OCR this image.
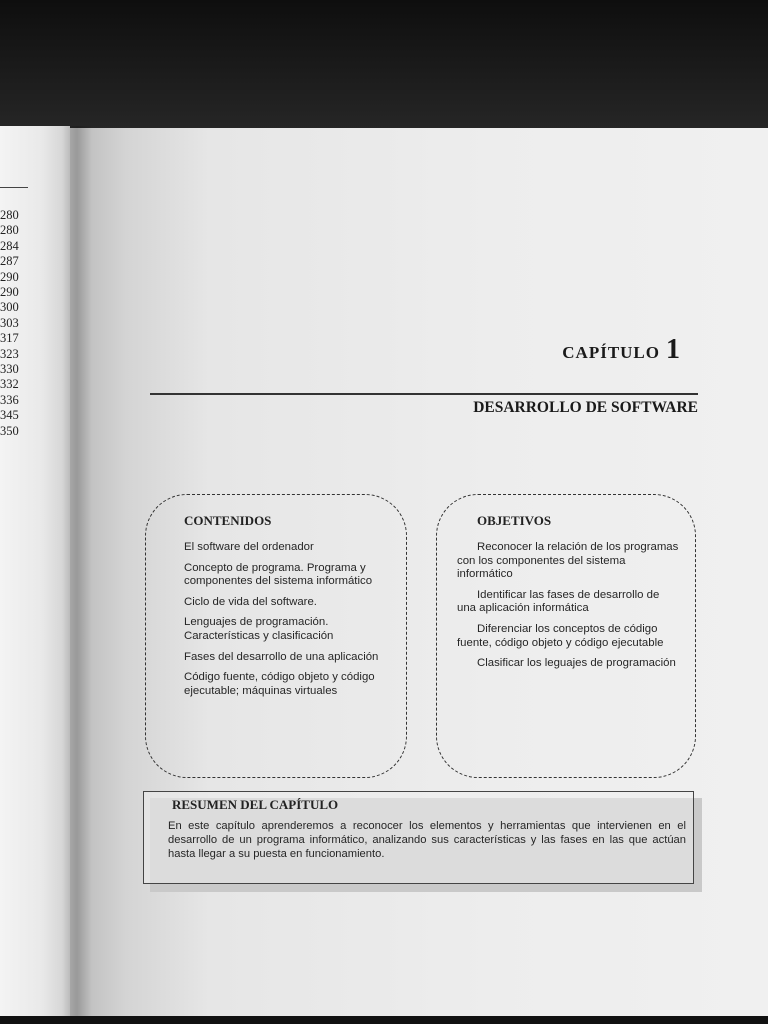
280
280
284
287
290
290
300
303
317
323
330
332
336
345
350
CAPÍTULO 1
DESARROLLO DE SOFTWARE
CONTENIDOS
El software del ordenador
Concepto de programa. Programa y componentes del sistema informático
Ciclo de vida del software.
Lenguajes de programación. Características y clasificación
Fases del desarrollo de una aplicación
Código fuente, código objeto y código ejecutable; máquinas virtuales
OBJETIVOS
Reconocer la relación de los programas con los componentes del sistema informático
Identificar las fases de desarrollo de una aplicación informática
Diferenciar los conceptos de código fuente, código objeto y código ejecutable
Clasificar los leguajes de programación
RESUMEN DEL CAPÍTULO

En este capítulo aprenderemos a reconocer los elementos y herramientas que intervienen en el desarrollo de un programa informático, analizando sus características y las fases en las que actúan hasta llegar a su puesta en funcionamiento.
